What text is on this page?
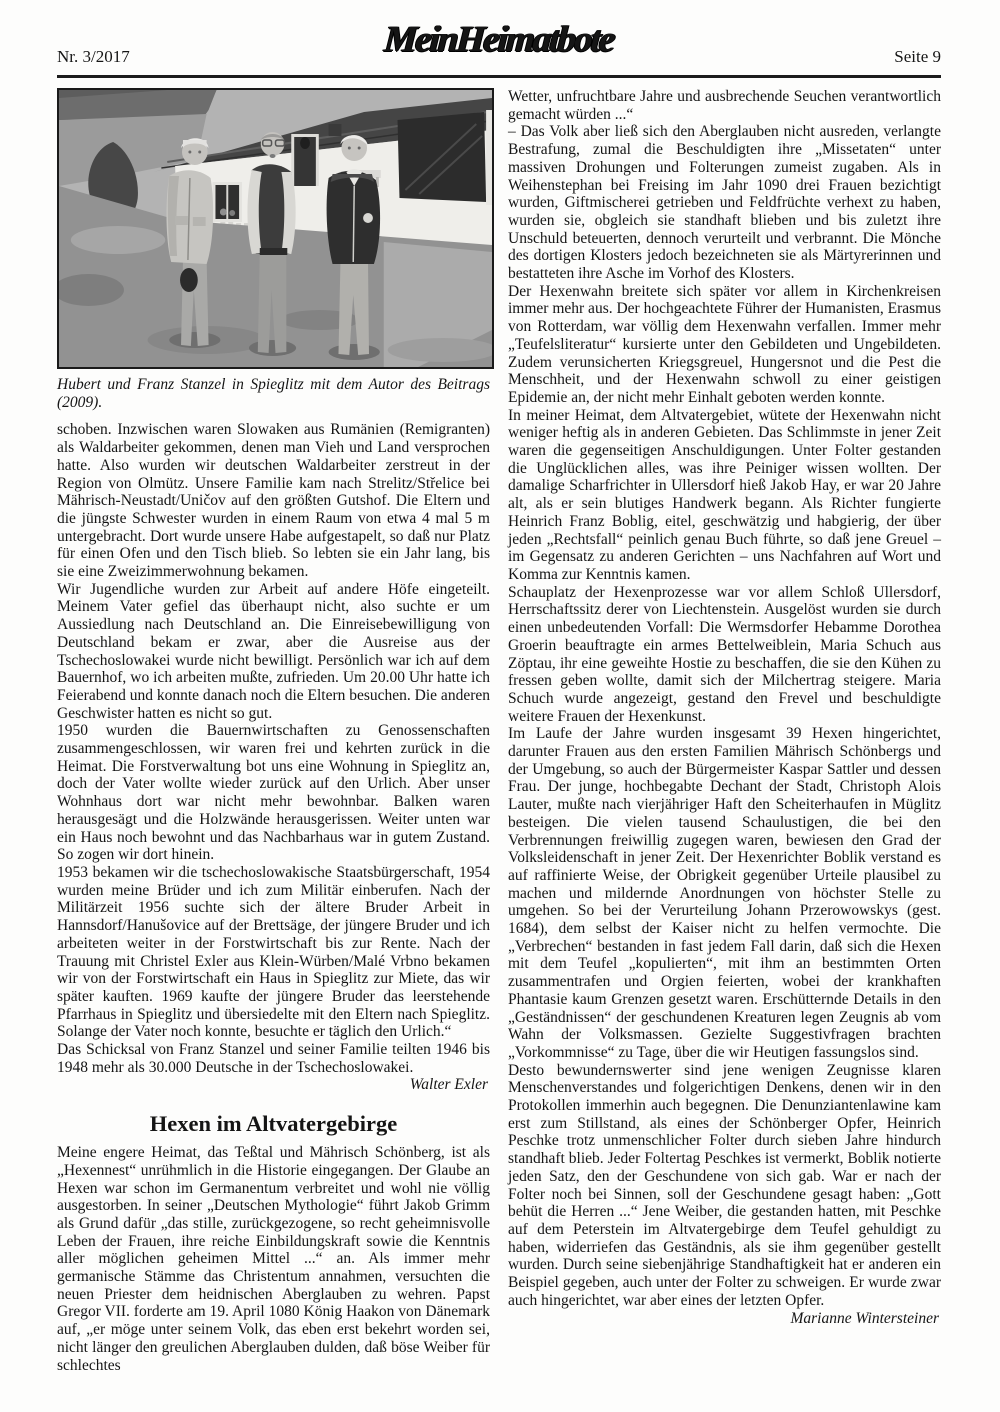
Nr. 3/2017	MeinHeimatbote	Seite 9

Hubert und Franz Stanzel in Spieglitz mit dem Autor des Beitrags (2009).

schoben. Inzwischen waren Slowaken aus Rumänien (Remigranten) als Waldarbeiter gekommen, denen man Vieh und Land versprochen hatte. Also wurden wir deutschen Waldarbeiter zerstreut in der Region von Olmütz. Unsere Familie kam nach Strelitz/Střelice bei Mährisch-Neustadt/Uničov auf den größten Gutshof. Die Eltern und die jüngste Schwester wurden in einem Raum von etwa 4 mal 5 m untergebracht. Dort wurde unsere Habe aufgestapelt, so daß nur Platz für einen Ofen und den Tisch blieb. So lebten sie ein Jahr lang, bis sie eine Zweizimmerwohnung bekamen.

Wir Jugendliche wurden zur Arbeit auf andere Höfe eingeteilt. Meinem Vater gefiel das überhaupt nicht, also suchte er um Aussiedlung nach Deutschland an. Die Einreisebewilligung von Deutschland bekam er zwar, aber die Ausreise aus der Tschechoslowakei wurde nicht bewilligt. Persönlich war ich auf dem Bauernhof, wo ich arbeiten mußte, zufrieden. Um 20.00 Uhr hatte ich Feierabend und konnte danach noch die Eltern besuchen. Die anderen Geschwister hatten es nicht so gut.

1950 wurden die Bauernwirtschaften zu Genossenschaften zusammengeschlossen, wir waren frei und kehrten zurück in die Heimat. Die Forstverwaltung bot uns eine Wohnung in Spieglitz an, doch der Vater wollte wieder zurück auf den Urlich. Aber unser Wohnhaus dort war nicht mehr bewohnbar. Balken waren herausgesägt und die Holzwände herausgerissen. Weiter unten war ein Haus noch bewohnt und das Nachbarhaus war in gutem Zustand. So zogen wir dort hinein.

1953 bekamen wir die tschechoslowakische Staatsbürgerschaft, 1954 wurden meine Brüder und ich zum Militär einberufen. Nach der Militärzeit 1956 suchte sich der ältere Bruder Arbeit in Hannsdorf/Hanušovice auf der Brettsäge, der jüngere Bruder und ich arbeiteten weiter in der Forstwirtschaft bis zur Rente. Nach der Trauung mit Christel Exler aus Klein-Würben/Malé Vrbno bekamen wir von der Forstwirtschaft ein Haus in Spieglitz zur Miete, das wir später kauften. 1969 kaufte der jüngere Bruder das leerstehende Pfarrhaus in Spieglitz und übersiedelte mit den Eltern nach Spieglitz. Solange der Vater noch konnte, besuchte er täglich den Urlich.“

Das Schicksal von Franz Stanzel und seiner Familie teilten 1946 bis 1948 mehr als 30.000 Deutsche in der Tschechoslowakei.

Walter Exler

Hexen im Altvatergebirge

Meine engere Heimat, das Teßtal und Mährisch Schönberg, ist als „Hexennest“ unrühmlich in die Historie eingegangen. Der Glaube an Hexen war schon im Germanentum verbreitet und wohl nie völlig ausgestorben. In seiner „Deutschen Mythologie“ führt Jakob Grimm als Grund dafür „das stille, zurückgezogene, so recht geheimnisvolle Leben der Frauen, ihre reiche Einbildungskraft sowie die Kenntnis aller möglichen geheimen Mittel ...“ an. Als immer mehr germanische Stämme das Christentum annahmen, versuchten die neuen Priester dem heidnischen Aberglauben zu wehren. Papst Gregor VII. forderte am 19. April 1080 König Haakon von Dänemark auf, „er möge unter seinem Volk, das eben erst bekehrt worden sei, nicht länger den greulichen Aberglauben dulden, daß böse Weiber für schlechtes

Wetter, unfruchtbare Jahre und ausbrechende Seuchen verantwortlich gemacht würden ...“

– Das Volk aber ließ sich den Aberglauben nicht ausreden, verlangte Bestrafung, zumal die Beschuldigten ihre „Missetaten“ unter massiven Drohungen und Folterungen zumeist zugaben. Als in Weihenstephan bei Freising im Jahr 1090 drei Frauen bezichtigt wurden, Giftmischerei getrieben und Feldfrüchte verhext zu haben, wurden sie, obgleich sie standhaft blieben und bis zuletzt ihre Unschuld beteuerten, dennoch verurteilt und verbrannt. Die Mönche des dortigen Klosters jedoch bezeichneten sie als Märtyrerinnen und bestatteten ihre Asche im Vorhof des Klosters.

Der Hexenwahn breitete sich später vor allem in Kirchenkreisen immer mehr aus. Der hochgeachtete Führer der Humanisten, Erasmus von Rotterdam, war völlig dem Hexenwahn verfallen. Immer mehr „Teufelsliteratur“ kursierte unter den Gebildeten und Ungebildeten. Zudem verunsicherten Kriegsgreuel, Hungersnot und die Pest die Menschheit, und der Hexenwahn schwoll zu einer geistigen Epidemie an, der nicht mehr Einhalt geboten werden konnte.

In meiner Heimat, dem Altvatergebiet, wütete der Hexenwahn nicht weniger heftig als in anderen Gebieten. Das Schlimmste in jener Zeit waren die gegenseitigen Anschuldigungen. Unter Folter gestanden die Unglücklichen alles, was ihre Peiniger wissen wollten. Der damalige Scharfrichter in Ullersdorf hieß Jakob Hay, er war 20 Jahre alt, als er sein blutiges Handwerk begann. Als Richter fungierte Heinrich Franz Boblig, eitel, geschwätzig und habgierig, der über jeden „Rechtsfall“ peinlich genau Buch führte, so daß jene Greuel – im Gegensatz zu anderen Gerichten – uns Nachfahren auf Wort und Komma zur Kenntnis kamen.

Schauplatz der Hexenprozesse war vor allem Schloß Ullersdorf, Herrschaftssitz derer von Liechtenstein. Ausgelöst wurden sie durch einen unbedeutenden Vorfall: Die Wermsdorfer Hebamme Dorothea Groerin beauftragte ein armes Bettelweiblein, Maria Schuch aus Zöptau, ihr eine geweihte Hostie zu beschaffen, die sie den Kühen zu fressen geben wollte, damit sich der Milchertrag steigere. Maria Schuch wurde angezeigt, gestand den Frevel und beschuldigte weitere Frauen der Hexenkunst.

Im Laufe der Jahre wurden insgesamt 39 Hexen hingerichtet, darunter Frauen aus den ersten Familien Mährisch Schönbergs und der Umgebung, so auch der Bürgermeister Kaspar Sattler und dessen Frau. Der junge, hochbegabte Dechant der Stadt, Christoph Alois Lauter, mußte nach vierjähriger Haft den Scheiterhaufen in Müglitz besteigen. Die vielen tausend Schaulustigen, die bei den Verbrennungen freiwillig zugegen waren, bewiesen den Grad der Volksleidenschaft in jener Zeit. Der Hexenrichter Boblik verstand es auf raffinierte Weise, der Obrigkeit gegenüber Urteile plausibel zu machen und mildernde Anordnungen von höchster Stelle zu umgehen. So bei der Verurteilung Johann Przerowowskys (gest. 1684), dem selbst der Kaiser nicht zu helfen vermochte. Die „Verbrechen“ bestanden in fast jedem Fall darin, daß sich die Hexen mit dem Teufel „kopulierten“, mit ihm an bestimmten Orten zusammentrafen und Orgien feierten, wobei der krankhaften Phantasie kaum Grenzen gesetzt waren. Erschütternde Details in den „Geständnissen“ der geschundenen Kreaturen legen Zeugnis ab vom Wahn der Volksmassen. Gezielte Suggestivfragen brachten „Vorkommnisse“ zu Tage, über die wir Heutigen fassungslos sind.

Desto bewundernswerter sind jene wenigen Zeugnisse klaren Menschenverstandes und folgerichtigen Denkens, denen wir in den Protokollen immerhin auch begegnen. Die Denunziantenlawine kam erst zum Stillstand, als eines der Schönberger Opfer, Heinrich Peschke trotz unmenschlicher Folter durch sieben Jahre hindurch standhaft blieb. Jeder Foltertag Peschkes ist vermerkt, Boblik notierte jeden Satz, den der Geschundene von sich gab. War er nach der Folter noch bei Sinnen, soll der Geschundene gesagt haben: „Gott behüt die Herren ...“ Jene Weiber, die gestanden hatten, mit Peschke auf dem Peterstein im Altvatergebirge dem Teufel gehuldigt zu haben, widerriefen das Geständnis, als sie ihm gegenüber gestellt wurden. Durch seine siebenjährige Standhaftigkeit hat er anderen ein Beispiel gegeben, auch unter der Folter zu schweigen. Er wurde zwar auch hingerichtet, war aber eines der letzten Opfer.

Marianne Wintersteiner
